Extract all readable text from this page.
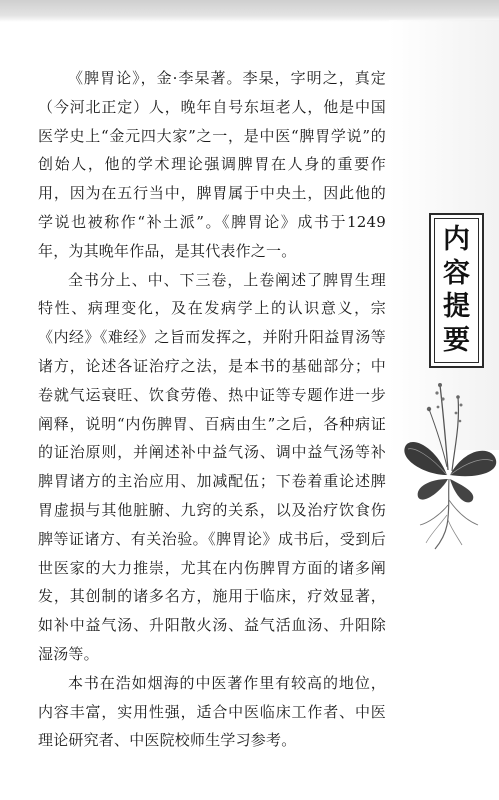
《脾胃论》，金·李杲著。李杲，字明之，真定（今河北正定）人，晚年自号东垣老人，他是中国医学史上“金元四大家”之一，是中医“脾胃学说”的创始人，他的学术理论强调脾胃在人身的重要作用，因为在五行当中，脾胃属于中央土，因此他的学说也被称作“补土派”。《脾胃论》成书于1249年，为其晚年作品，是其代表作之一。

全书分上、中、下三卷，上卷阐述了脾胃生理特性、病理变化，及在发病学上的认识意义，宗《内经》《难经》之旨而发挥之，并附升阳益胃汤等诸方，论述各证治疗之法，是本书的基础部分；中卷就气运衰旺、饮食劳倦、热中证等专题作进一步阐释，说明“内伤脾胃、百病由生”之后，各种病证的证治原则，并阐述补中益气汤、调中益气汤等补脾胃诸方的主治应用、加减配伍；下卷着重论述脾胃虚损与其他脏腑、九窍的关系，以及治疗饮食伤脾等证诸方、有关治验。《脾胃论》成书后，受到后世医家的大力推崇，尤其在内伤脾胃方面的诸多阐发，其创制的诸多名方，施用于临床，疗效显著，如补中益气汤、升阳散火汤、益气活血汤、升阳除湿汤等。

本书在浩如烟海的中医著作里有较高的地位，内容丰富，实用性强，适合中医临床工作者、中医理论研究者、中医院校师生学习参考。

内
容
提
要
